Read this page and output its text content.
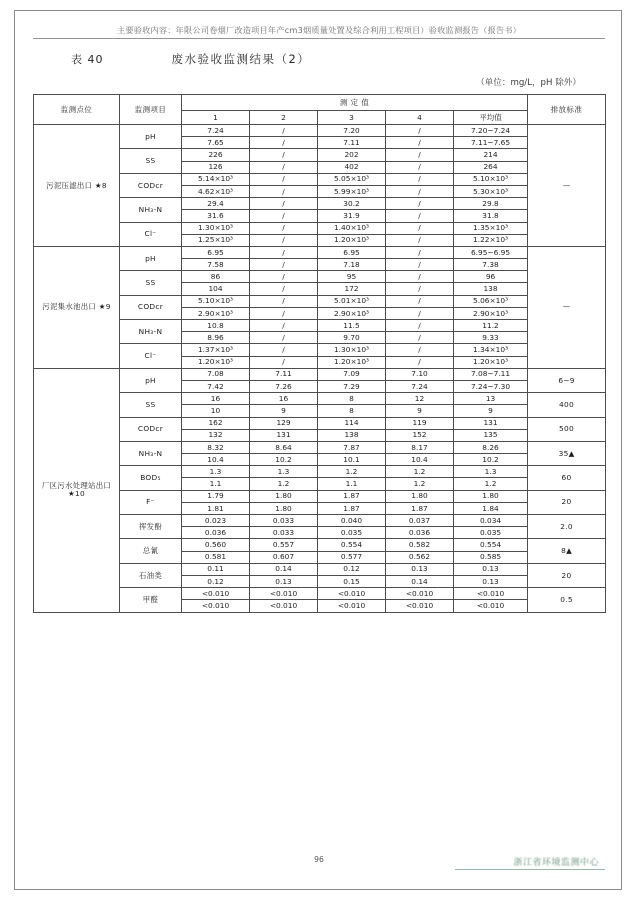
主要验收内容：年限公司卷烟厂改造项目年产cm3烟质量处置及综合利用工程项目）验收监测报告（报告书）
表 40	废水验收监测结果（2）
（单位：mg/L，pH 除外）
监测点位	监测项目	测 定 值					排放标准
		1	2	3	4	平均值	
污泥压滤出口 ★8	pH	7.24	/	7.20	/	7.20~7.24	—
		7.65	/	7.11	/	7.11~7.65	
	SS	226	/	202	/	214	
		126	/	402	/	264	
	CODcr	5.14×10³	/	5.05×10³	/	5.10×10³	
		4.62×10³	/	5.99×10³	/	5.30×10³	
	NH₃-N	29.4	/	30.2	/	29.8	
		31.6	/	31.9	/	31.8	
	Cl⁻	1.30×10³	/	1.40×10³	/	1.35×10³	
		1.25×10³	/	1.20×10³	/	1.22×10³	
污泥集水池出口 ★9	pH	6.95	/	6.95	/	6.95~6.95	—
		7.58	/	7.18	/	7.38	
	SS	86	/	95	/	96	
		104	/	172	/	138	
	CODcr	5.10×10³	/	5.01×10³	/	5.06×10³	
		2.90×10³	/	2.90×10³	/	2.90×10³	
	NH₃-N	10.8	/	11.5	/	11.2	
		8.96	/	9.70	/	9.33	
	Cl⁻	1.37×10³	/	1.30×10³	/	1.34×10³	
		1.20×10³	/	1.20×10³	/	1.20×10³	
厂区污水处理站出口 ★10	pH	7.08	7.11	7.09	7.10	7.08~7.11	6~9
		7.42	7.26	7.29	7.24	7.24~7.30	
	SS	16	16	8	12	13	400
		10	9	8	9	9	
	CODcr	162	129	114	119	131	500
		132	131	138	152	135	
	NH₃-N	8.32	8.64	7.87	8.17	8.26	35▲
		10.4	10.2	10.1	10.4	10.2	
	BOD₅	1.3	1.3	1.2	1.2	1.3	60
		1.1	1.2	1.1	1.2	1.2	
	F⁻	1.79	1.80	1.87	1.80	1.80	20
		1.81	1.80	1.87	1.87	1.84	
	挥发酚	0.023	0.033	0.040	0.037	0.034	2.0
		0.036	0.033	0.035	0.036	0.035	
	总氰	0.560	0.557	0.554	0.582	0.554	8▲
		0.581	0.607	0.577	0.562	0.585	
	石油类	0.11	0.14	0.12	0.13	0.13	20
		0.12	0.13	0.15	0.14	0.13	
	甲醛	<0.010	<0.010	<0.010	<0.010	<0.010	0.5
		<0.010	<0.010	<0.010	<0.010	<0.010	
96	浙江省环境监测中心
